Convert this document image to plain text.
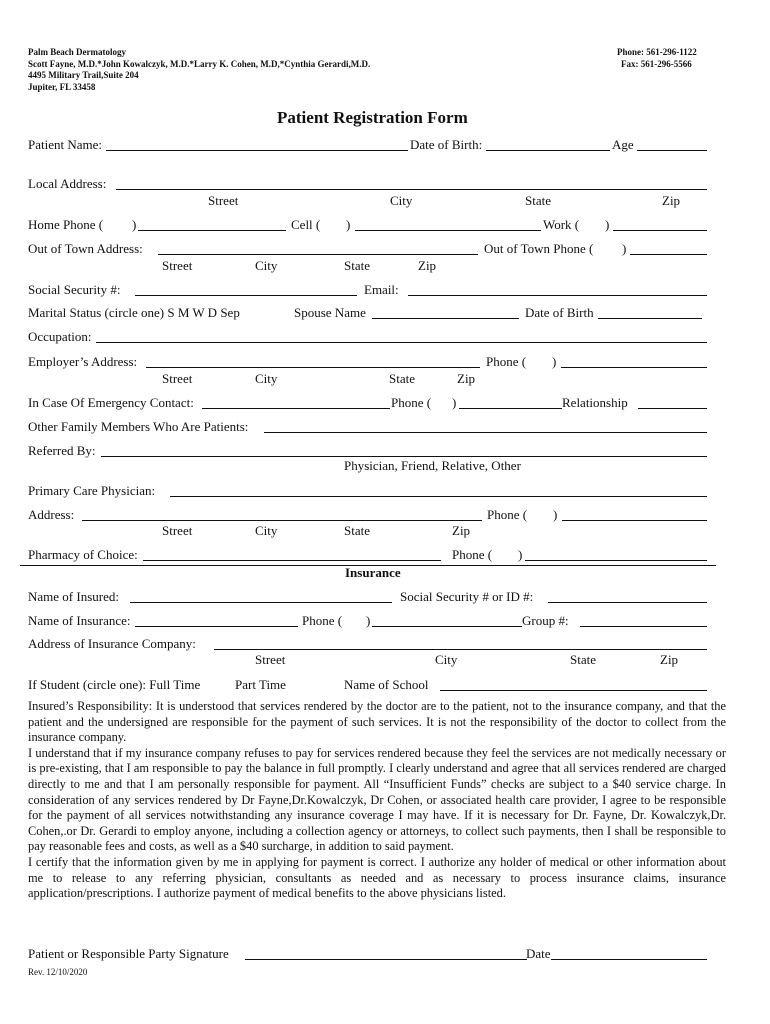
Palm Beach Dermatology
Scott Fayne, M.D.*John Kowalczyk, M.D.*Larry K. Cohen, M.D,*Cynthia Gerardi,M.D.
4495 Military Trail,Suite 204
Jupiter, FL 33458
Phone: 561-296-1122
Fax: 561-296-5566
Patient Registration Form
Patient Name:	Date of Birth:	Age
Local Address:
Street	City	State	Zip
Home Phone ( )	Cell ( )	Work ( )
Out of Town Address:	Out of Town Phone ( )
Street	City	State	Zip
Social Security #:	Email:
Marital Status (circle one) S M W D Sep	Spouse Name	Date of Birth
Occupation:
Employer’s Address:	Phone ( )
Street	City	State	Zip
In Case Of Emergency Contact:	Phone ( )	Relationship
Other Family Members Who Are Patients:
Referred By:
Physician, Friend, Relative, Other
Primary Care Physician:
Address:	Phone ( )
Street	City	State	Zip
Pharmacy of Choice:	Phone ( )
Insurance
Name of Insured:	Social Security # or ID #:
Name of Insurance:	Phone ( )	Group #:
Address of Insurance Company:
Street	City	State	Zip
If Student (circle one): Full Time	Part Time	Name of School

Insured’s Responsibility: It is understood that services rendered by the doctor are to the patient, not to the insurance company, and that the patient and the undersigned are responsible for the payment of such services. It is not the responsibility of the doctor to collect from the insurance company.

I understand that if my insurance company refuses to pay for services rendered because they feel the services are not medically necessary or is pre-existing, that I am responsible to pay the balance in full promptly. I clearly understand and agree that all services rendered are charged directly to me and that I am personally responsible for payment. All “Insufficient Funds” checks are subject to a $40 service charge. In consideration of any services rendered by Dr Fayne,Dr.Kowalczyk, Dr Cohen, or associated health care provider, I agree to be responsible for the payment of all services notwithstanding any insurance coverage I may have. If it is necessary for Dr. Fayne, Dr. Kowalczyk,Dr. Cohen,.or Dr. Gerardi to employ anyone, including a collection agency or attorneys, to collect such payments, then I shall be responsible to pay reasonable fees and costs, as well as a $40 surcharge, in addition to said payment.

I certify that the information given by me in applying for payment is correct. I authorize any holder of medical or other information about me to release to any referring physician, consultants as needed and as necessary to process insurance claims, insurance application/prescriptions. I authorize payment of medical benefits to the above physicians listed.

Patient or Responsible Party Signature	Date
Rev. 12/10/2020
